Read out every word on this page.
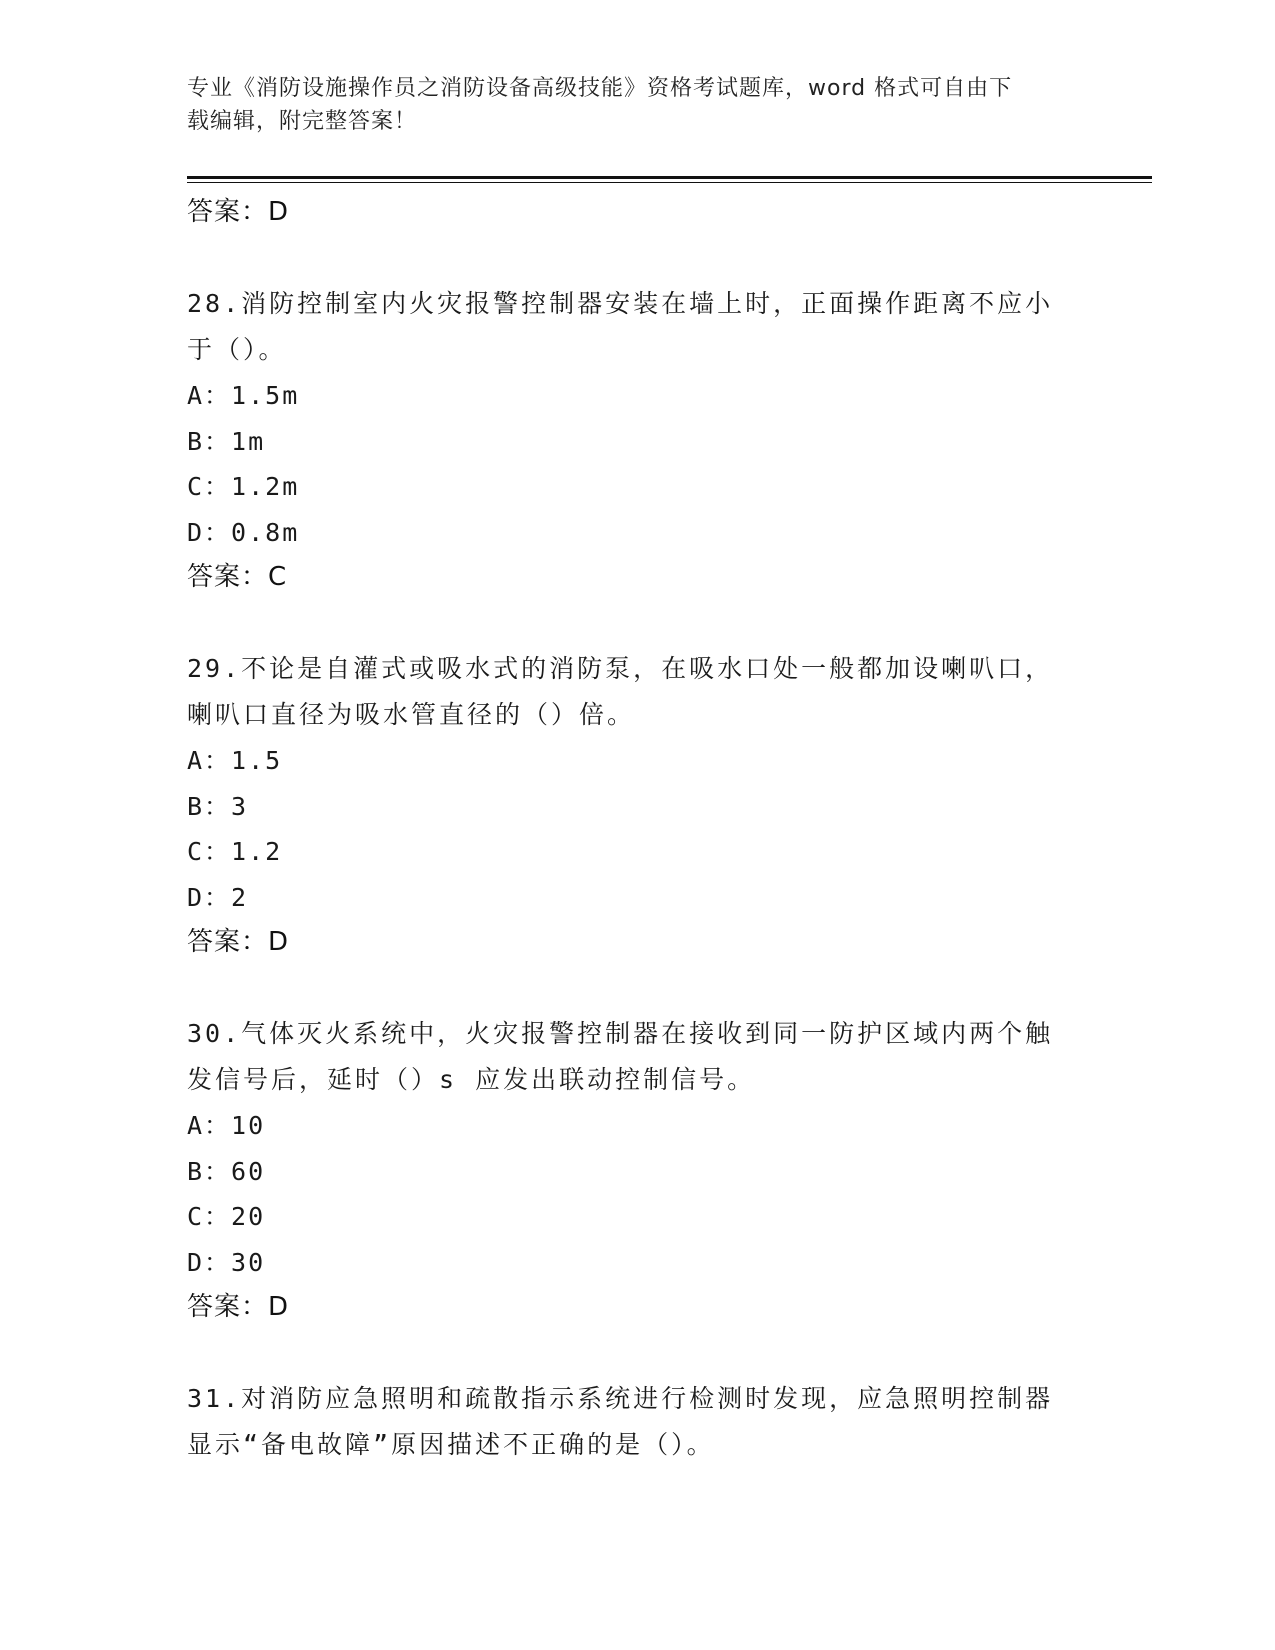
专业《消防设施操作员之消防设备高级技能》资格考试题库，word 格式可自由下
载编辑，附完整答案！
答案：D
28.消防控制室内火灾报警控制器安装在墙上时，正面操作距离不应小
于（）。
A：1.5m
B：1m
C：1.2m
D：0.8m
答案：C
29.不论是自灌式或吸水式的消防泵，在吸水口处一般都加设喇叭口，
喇叭口直径为吸水管直径的（）倍。
A：1.5
B：3
C：1.2
D：2
答案：D
30.气体灭火系统中，火灾报警控制器在接收到同一防护区域内两个触
发信号后，延时（）s 应发出联动控制信号。
A：10
B：60
C：20
D：30
答案：D
31.对消防应急照明和疏散指示系统进行检测时发现，应急照明控制器
显示“备电故障”原因描述不正确的是（）。
